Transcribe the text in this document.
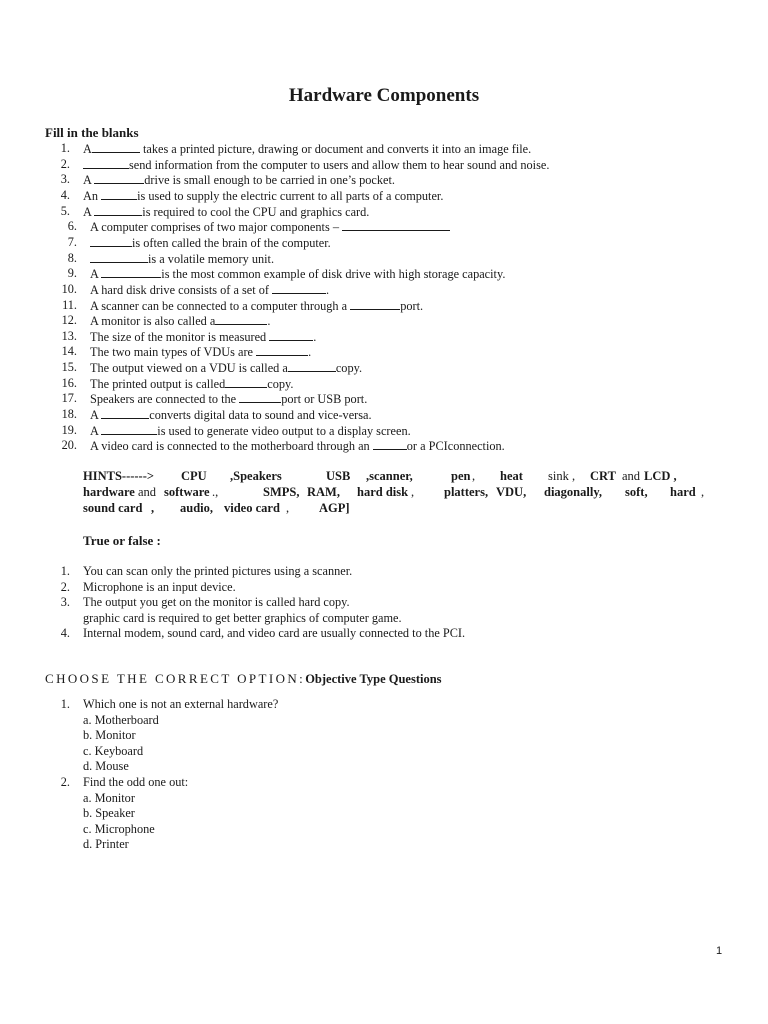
Hardware Components
Fill in the blanks
1. A	takes a printed picture, drawing or document and converts it into an image file.
2.	send information from the computer to users and allow them to hear sound and noise.
3. A	drive is small enough to be carried in one’s pocket.
4. An	is used to supply the electric current to all parts of a computer.
5. A	is required to cool the CPU and graphics card.
6. A computer comprises of two major components –
7.	is often called the brain of the computer.
8.	is a volatile memory unit.
9. A	is the most common example of disk drive with high storage capacity.
10. A hard disk drive consists of a set of	.
11. A scanner can be connected to a computer through a	port.
12. A monitor is also called a	.
13. The size of the monitor is measured	.
14. The two main types of VDUs are	.
15. The output viewed on a VDU is called a	copy.
16. The printed output is called	copy.
17. Speakers are connected to the	port or USB port.
18. A	converts digital data to sound and vice-versa.
19. A	is used to generate video output to a display screen.
20. A video card is connected to the motherboard through an	or a PCIconnection.
HINTS------> CPU ,Speakers	USB ,scanner,	pen , heat sink , CRT and LCD ,
hardware and software .,	SMPS, RAM, hard disk , platters, VDU, diagonally, soft, hard ,
sound card , audio, video card , AGP]
True or false :
1. You can scan only the printed pictures using a scanner.
2. Microphone is an input device.
3. The output you get on the monitor is called hard copy.
graphic card is required to get better graphics of computer game.
4. Internal modem, sound card, and video card are usually connected to the PCI.
CHOOSE THE CORRECT OPTION:Objective Type Questions
1. Which one is not an external hardware?
a. Motherboard
b. Monitor
c. Keyboard
d. Mouse
2. Find the odd one out:
a. Monitor
b. Speaker
c. Microphone
d. Printer
1
